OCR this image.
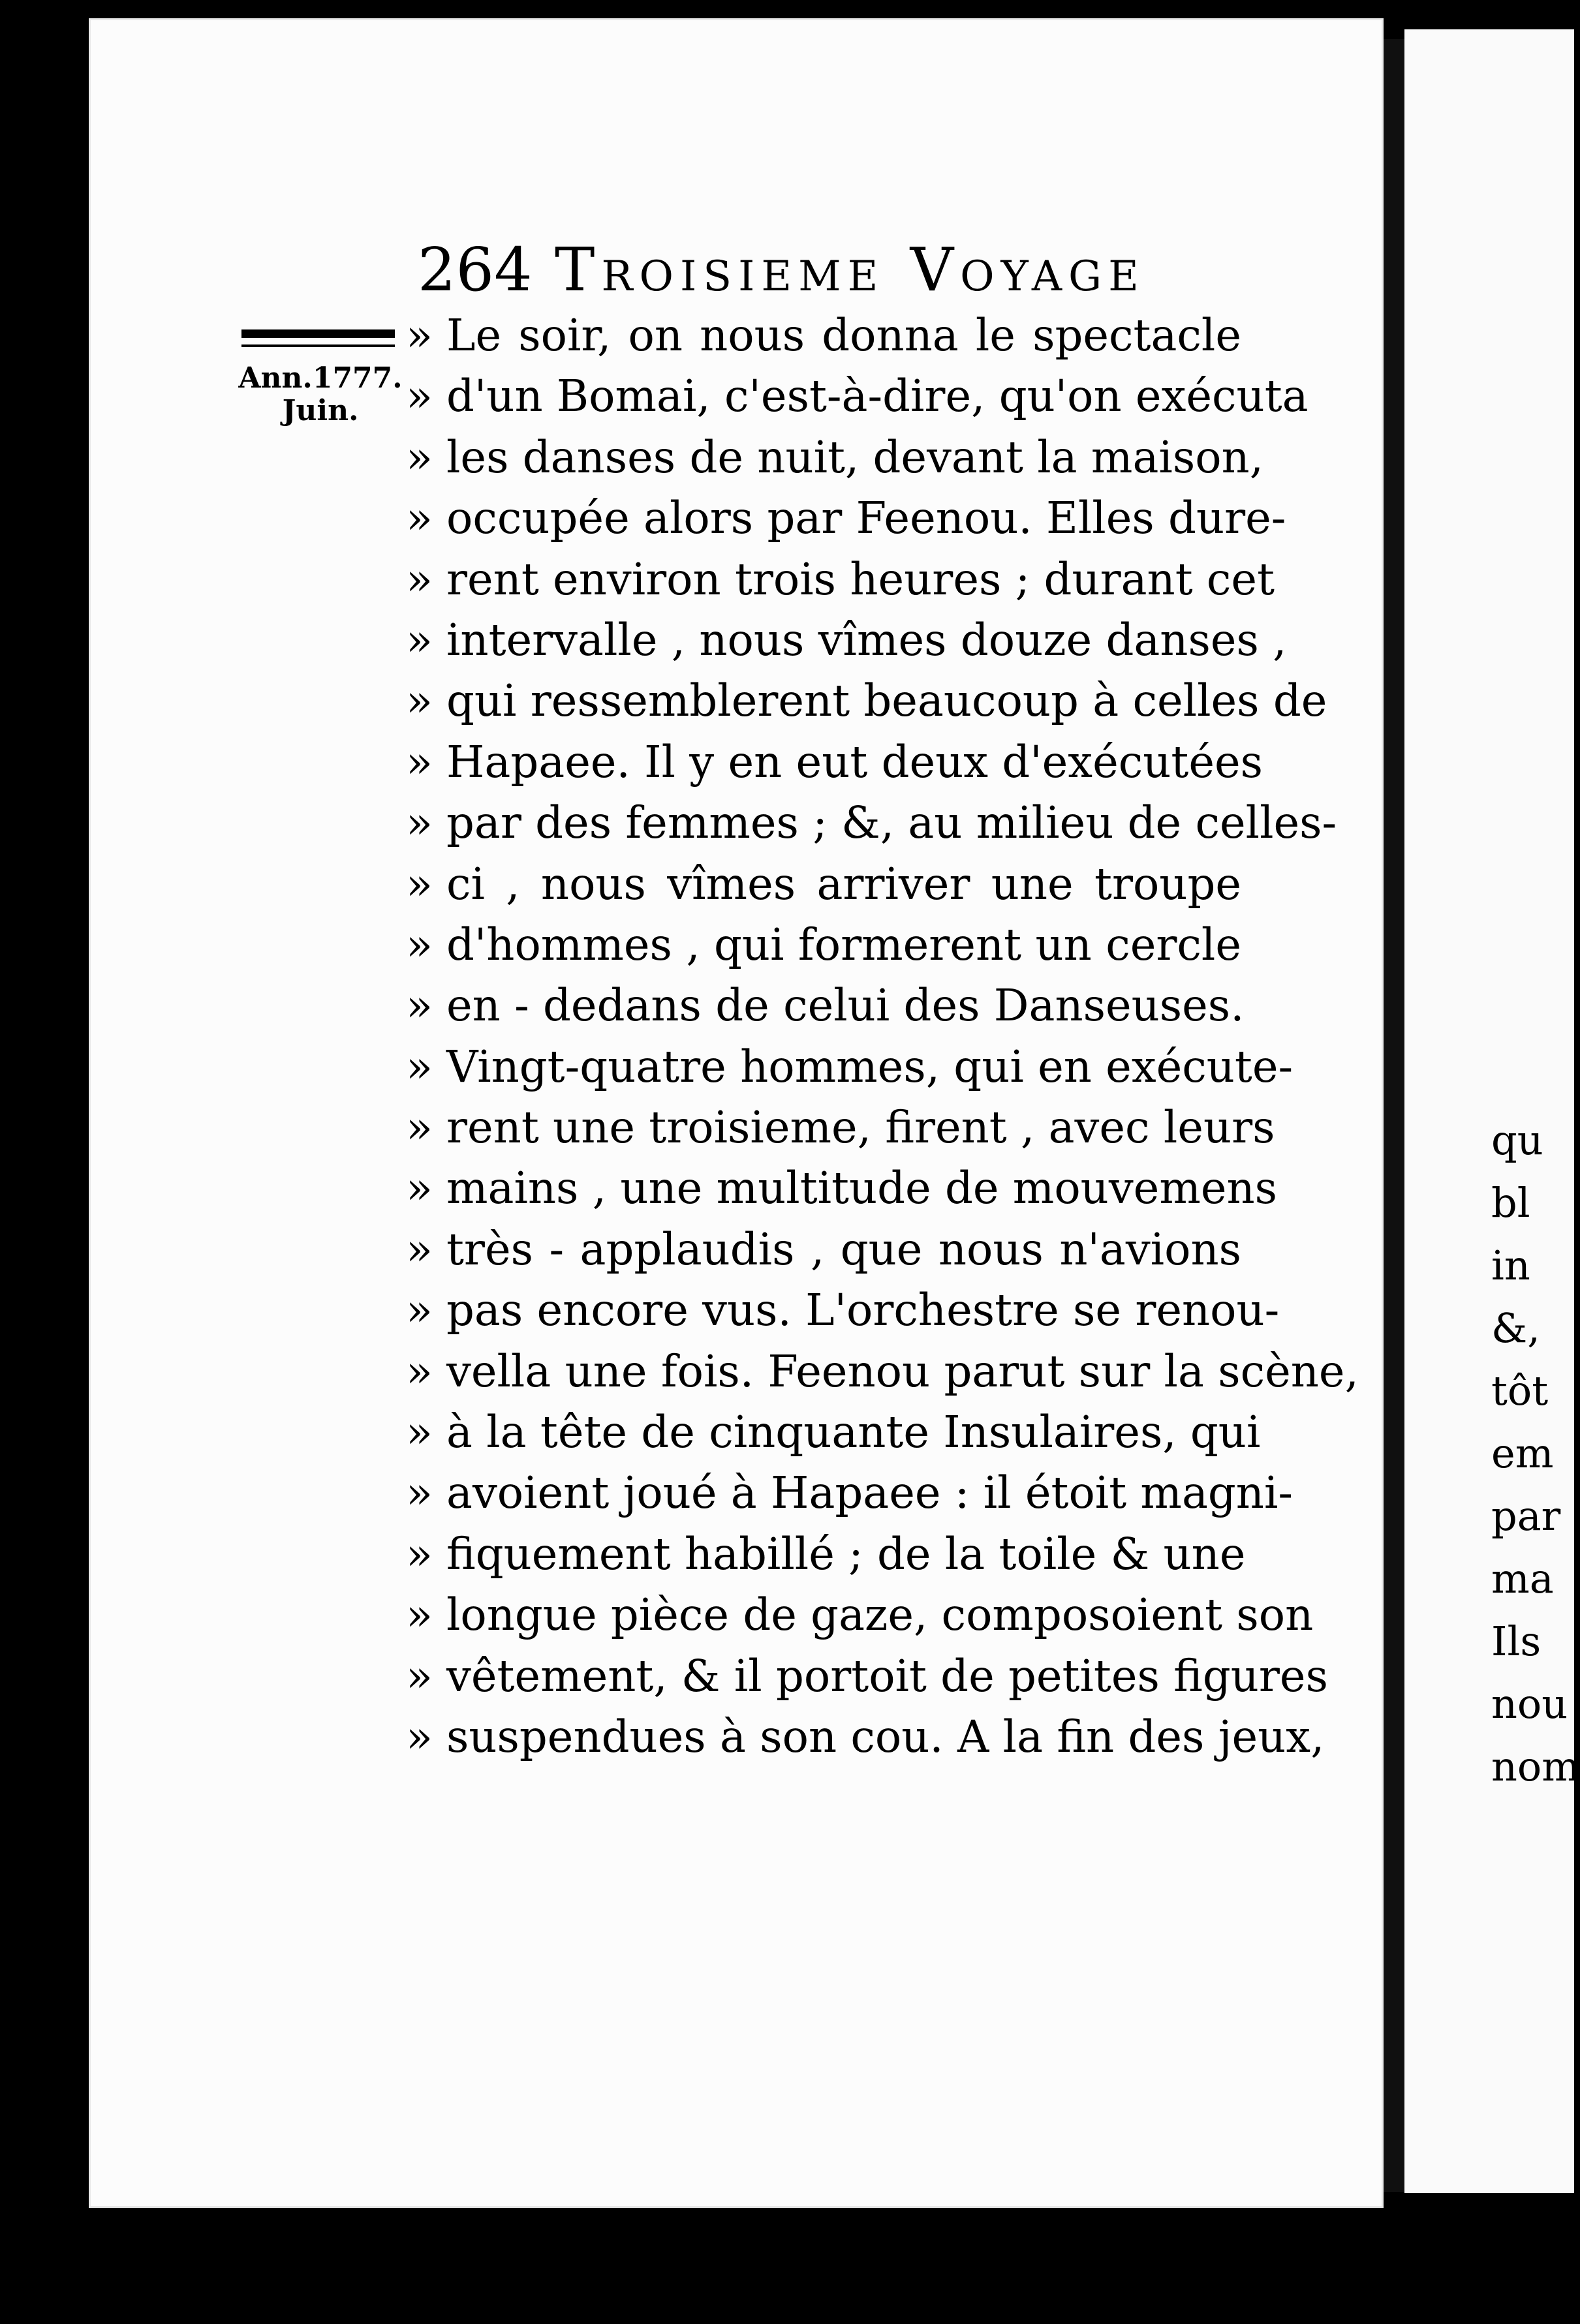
264 Troisieme Voyage
Ann.1777.
Juin.
» Le soir, on nous donna le spectacle
» d'un Bomai, c'est-à-dire, qu'on exécuta
» les danses de nuit, devant la maison,
» occupée alors par Feenou. Elles dure-
» rent environ trois heures ; durant cet
» intervalle , nous vîmes douze danses ,
» qui ressemblerent beaucoup à celles de
» Hapaee. Il y en eut deux d'exécutées
» par des femmes ; &, au milieu de celles-
» ci , nous vîmes arriver une troupe
» d'hommes , qui formerent un cercle
» en - dedans de celui des Danseuses.
» Vingt-quatre hommes, qui en exécute-
» rent une troisieme, firent , avec leurs
» mains , une multitude de mouvemens
» très - applaudis , que nous n'avions
» pas encore vus. L'orchestre se renou-
» vella une fois. Feenou parut sur la scène,
» à la tête de cinquante Insulaires, qui
» avoient joué à Hapaee : il étoit magni-
» fiquement habillé ; de la toile & une
» longue pièce de gaze, composoient son
» vêtement, & il portoit de petites figures
» suspendues à son cou. A la fin des jeux,
qu
bl
in
&,
tôt
em
par
ma
Ils
nou
nom
